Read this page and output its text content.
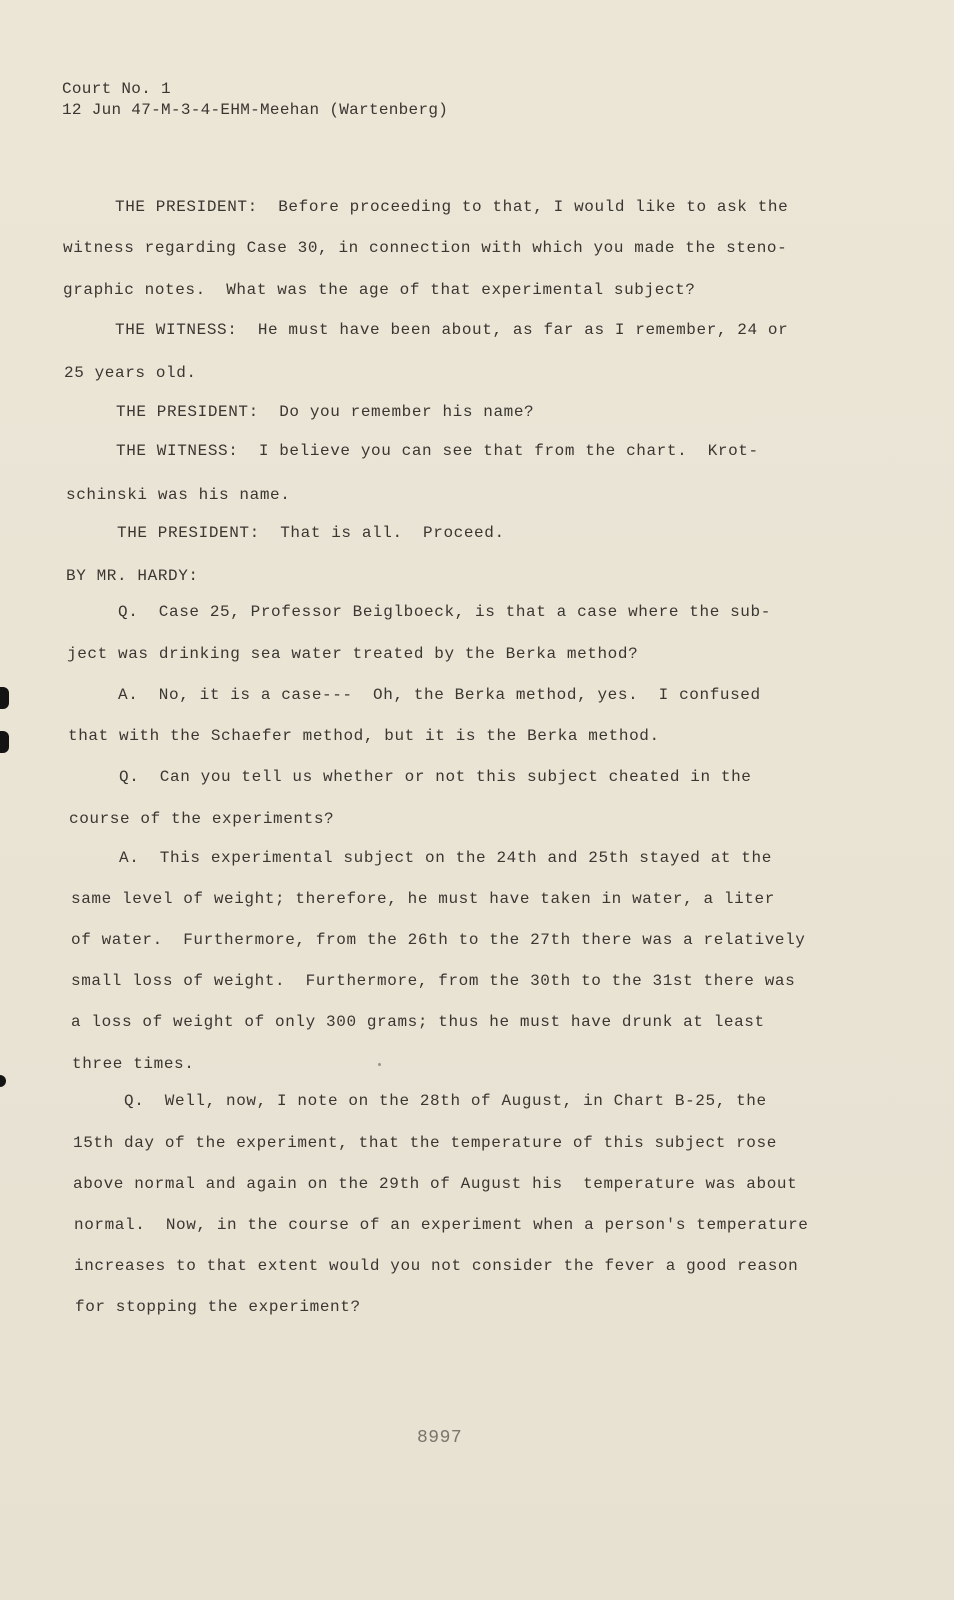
Court No. 1
12 Jun 47-M-3-4-EHM-Meehan (Wartenberg)
THE PRESIDENT:  Before proceeding to that, I would like to ask the
witness regarding Case 30, in connection with which you made the steno-
graphic notes.  What was the age of that experimental subject?
THE WITNESS:  He must have been about, as far as I remember, 24 or
25 years old.
THE PRESIDENT:  Do you remember his name?
THE WITNESS:  I believe you can see that from the chart.  Krot-
schinski was his name.
THE PRESIDENT:  That is all.  Proceed.
BY MR. HARDY:
Q.  Case 25, Professor Beiglboeck, is that a case where the sub-
ject was drinking sea water treated by the Berka method?
A.  No, it is a case---  Oh, the Berka method, yes.  I confused
that with the Schaefer method, but it is the Berka method.
Q.  Can you tell us whether or not this subject cheated in the
course of the experiments?
A.  This experimental subject on the 24th and 25th stayed at the
same level of weight; therefore, he must have taken in water, a liter
of water.  Furthermore, from the 26th to the 27th there was a relatively
small loss of weight.  Furthermore, from the 30th to the 31st there was
a loss of weight of only 300 grams; thus he must have drunk at least
three times.
Q.  Well, now, I note on the 28th of August, in Chart B-25, the
15th day of the experiment, that the temperature of this subject rose
above normal and again on the 29th of August his  temperature was about
normal.  Now, in the course of an experiment when a person's temperature
increases to that extent would you not consider the fever a good reason
for stopping the experiment?
8997
